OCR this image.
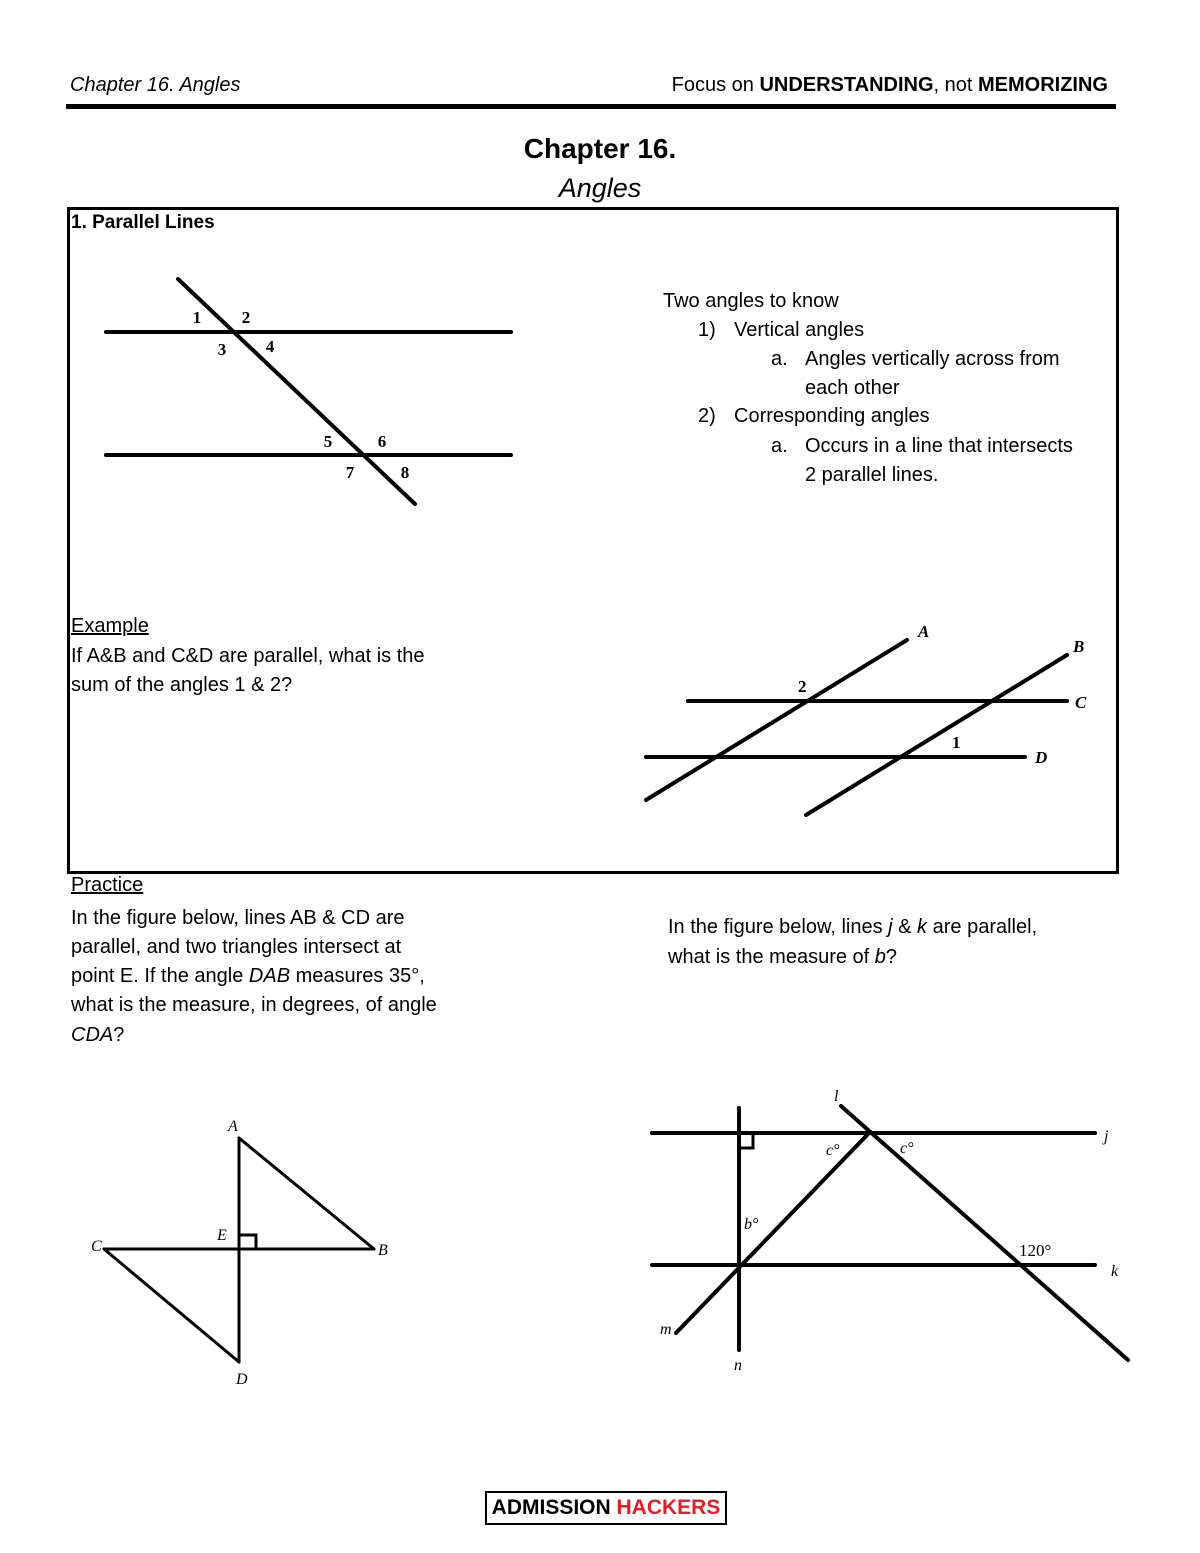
Chapter 16. Angles	Focus on UNDERSTANDING, not MEMORIZING
Chapter 16.
Angles
1. Parallel Lines
1 2
3 4
5	6
7	8
A
B
C
D
2
1
A
B
C
D
E
l
j
k
m
n
c°	c°
b°
120°
Two angles to know
1) Vertical angles
a. Angles vertically across from
each other
2) Corresponding angles
a. Occurs in a line that intersects
2 parallel lines.
Example
If A&B and C&D are parallel, what is the
sum of the angles 1 & 2?
Practice
In the figure below, lines AB & CD are
parallel, and two triangles intersect at
point E. If the angle DAB measures 35°,
what is the measure, in degrees, of angle
CDA?
In the figure below, lines j & k are parallel,
what is the measure of b?
ADMISSION HACKERS
